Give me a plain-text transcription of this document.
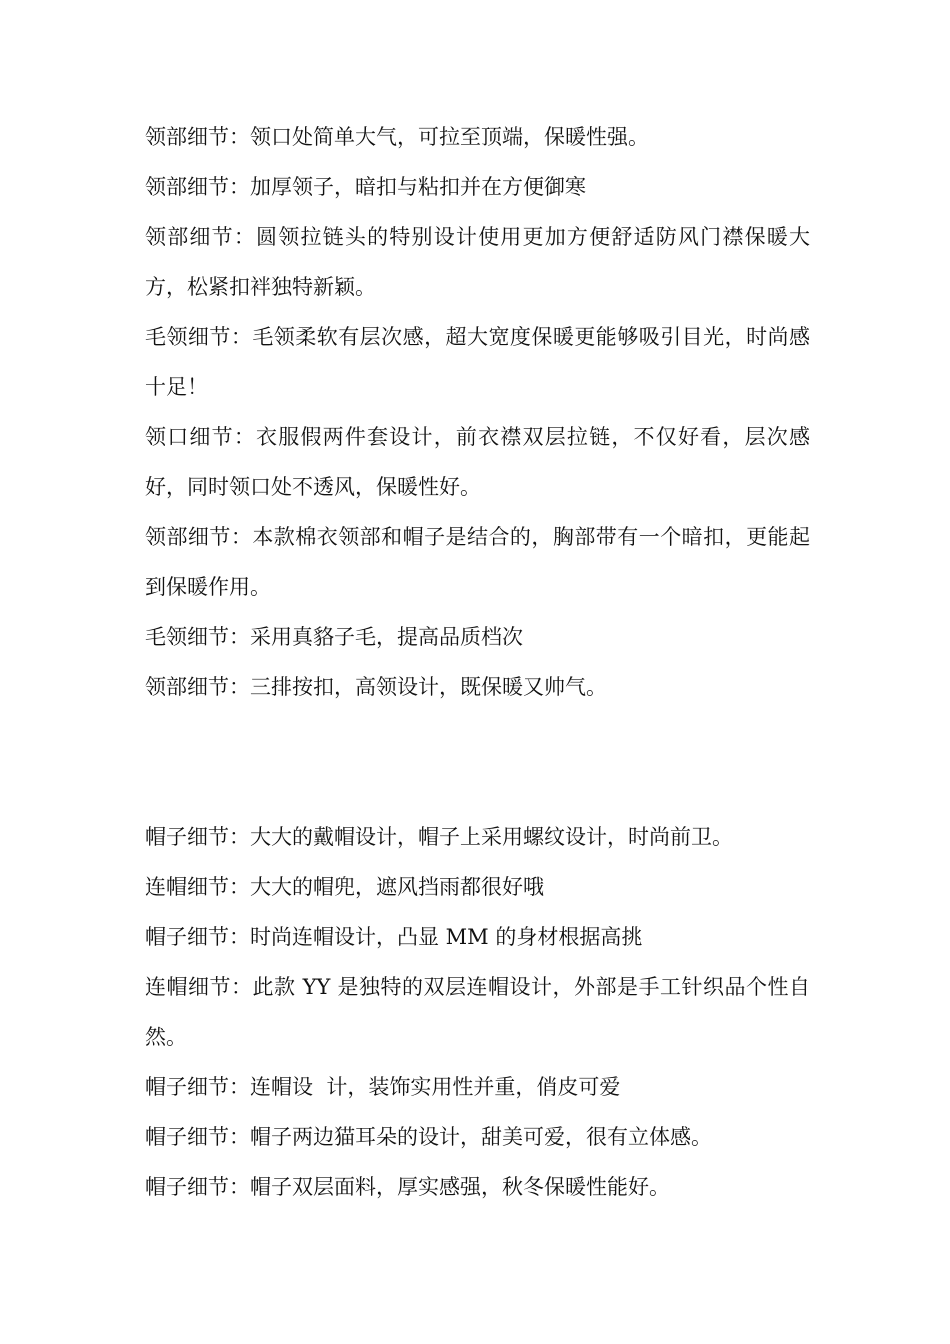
领部细节：领口处简单大气，可拉至顶端，保暖性强。

领部细节：加厚领子，暗扣与粘扣并在方便御寒

领部细节：圆领拉链头的特别设计使用更加方便舒适防风门襟保暖大方，松紧扣袢独特新颖。

毛领细节：毛领柔软有层次感，超大宽度保暖更能够吸引目光，时尚感十足！

领口细节：衣服假两件套设计，前衣襟双层拉链，不仅好看，层次感好，同时领口处不透风，保暖性好。

领部细节：本款棉衣领部和帽子是结合的，胸部带有一个暗扣，更能起到保暖作用。

毛领细节：采用真貉子毛，提高品质档次

领部细节：三排按扣，高领设计，既保暖又帅气。

帽子细节：大大的戴帽设计，帽子上采用螺纹设计，时尚前卫。

连帽细节：大大的帽兜，遮风挡雨都很好哦

帽子细节：时尚连帽设计，凸显 MM 的身材根据高挑

连帽细节：此款 YY 是独特的双层连帽设计，外部是手工针织品个性自然。

帽子细节：连帽设  计，装饰实用性并重，俏皮可爱

帽子细节：帽子两边猫耳朵的设计，甜美可爱，很有立体感。

帽子细节：帽子双层面料，厚实感强，秋冬保暖性能好。
